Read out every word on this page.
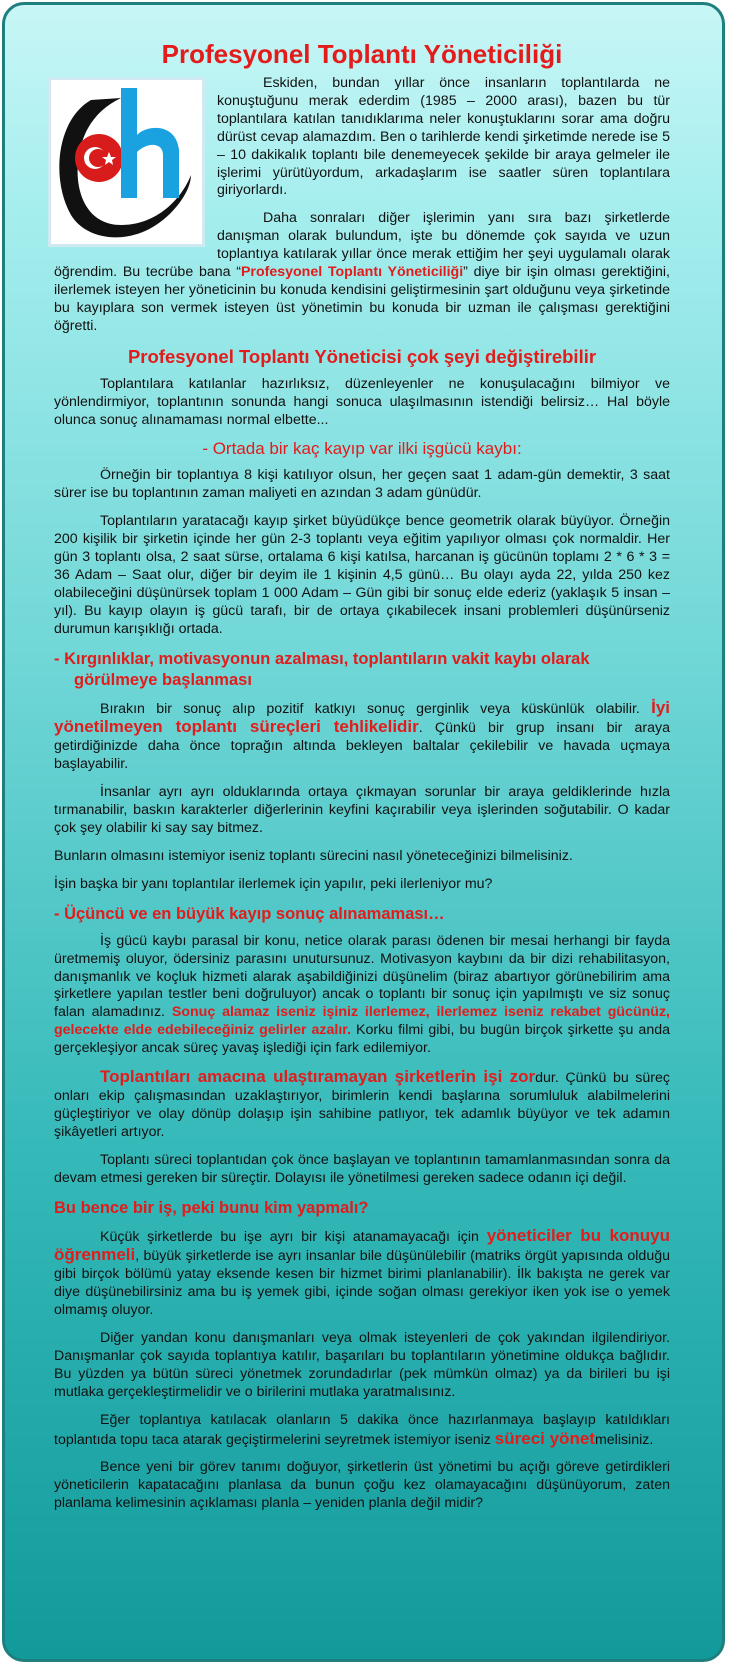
Profesyonel Toplantı Yöneticiliği

Eskiden, bundan yıllar önce insanların toplantılarda ne konuştuğunu merak ederdim (1985 – 2000 arası), bazen bu tür toplantılara katılan tanıdıklarıma neler konuştuklarını sorar ama doğru dürüst cevap alamazdım. Ben o tarihlerde kendi şirketimde nerede ise 5 – 10 dakikalık toplantı bile denemeyecek şekilde bir araya gelmeler ile işlerimi yürütüyordum, arkadaşlarım ise saatler süren toplantılara giriyorlardı.

Daha sonraları diğer işlerimin yanı sıra bazı şirketlerde danışman olarak bulundum, işte bu dönemde çok sayıda ve uzun toplantıya katılarak yıllar önce merak ettiğim her şeyi uygulamalı olarak öğrendim. Bu tecrübe bana “Profesyonel Toplantı Yöneticiliği” diye bir işin olması gerektiğini, ilerlemek isteyen her yöneticinin bu konuda kendisini geliştirmesinin şart olduğunu veya şirketinde bu kayıplara son vermek isteyen üst yönetimin bu konuda bir uzman ile çalışması gerektiğini öğretti.

Profesyonel Toplantı Yöneticisi çok şeyi değiştirebilir

Toplantılara katılanlar hazırlıksız, düzenleyenler ne konuşulacağını bilmiyor ve yönlendirmiyor, toplantının sonunda hangi sonuca ulaşılmasının istendiği belirsiz… Hal böyle olunca sonuç alınamaması normal elbette...

- Ortada bir kaç kayıp var ilki işgücü kaybı:

Örneğin bir toplantıya 8 kişi katılıyor olsun, her geçen saat 1 adam-gün demektir, 3 saat sürer ise bu toplantının zaman maliyeti en azından 3 adam günüdür.

Toplantıların yaratacağı kayıp şirket büyüdükçe bence geometrik olarak büyüyor. Örneğin 200 kişilik bir şirketin içinde her gün 2-3 toplantı veya eğitim yapılıyor olması çok normaldir. Her gün 3 toplantı olsa, 2 saat sürse, ortalama 6 kişi katılsa, harcanan iş gücünün toplamı 2 * 6 * 3 = 36 Adam – Saat olur, diğer bir deyim ile 1 kişinin 4,5 günü… Bu olayı ayda 22, yılda 250 kez olabileceğini düşünürsek toplam 1 000 Adam – Gün gibi bir sonuç elde ederiz (yaklaşık 5 insan – yıl). Bu kayıp olayın iş gücü tarafı, bir de ortaya çıkabilecek insani problemleri düşünürseniz durumun karışıklığı ortada.

- Kırgınlıklar, motivasyonun azalması, toplantıların vakit kaybı olarak görülmeye başlanması

Bırakın bir sonuç alıp pozitif katkıyı sonuç gerginlik veya küskünlük olabilir. İyi yönetilmeyen toplantı süreçleri tehlikelidir. Çünkü bir grup insanı bir araya getirdiğinizde daha önce toprağın altında bekleyen baltalar çekilebilir ve havada uçmaya başlayabilir.

İnsanlar ayrı ayrı olduklarında ortaya çıkmayan sorunlar bir araya geldiklerinde hızla tırmanabilir, baskın karakterler diğerlerinin keyfini kaçırabilir veya işlerinden soğutabilir. O kadar çok şey olabilir ki say say bitmez.

Bunların olmasını istemiyor iseniz toplantı sürecini nasıl yöneteceğinizi bilmelisiniz.

İşin başka bir yanı toplantılar ilerlemek için yapılır, peki ilerleniyor mu?

- Üçüncü ve en büyük kayıp sonuç alınamaması…

İş gücü kaybı parasal bir konu, netice olarak parası ödenen bir mesai herhangi bir fayda üretmemiş oluyor, ödersiniz parasını unutursunuz. Motivasyon kaybını da bir dizi rehabilitasyon, danışmanlık ve koçluk hizmeti alarak aşabildiğinizi düşünelim (biraz abartıyor görünebilirim ama şirketlere yapılan testler beni doğruluyor) ancak o toplantı bir sonuç için yapılmıştı ve siz sonuç falan alamadınız. Sonuç alamaz iseniz işiniz ilerlemez, ilerlemez iseniz rekabet gücünüz, gelecekte elde edebileceğiniz gelirler azalır. Korku filmi gibi, bu bugün birçok şirkette şu anda gerçekleşiyor ancak süreç yavaş işlediği için fark edilemiyor.

Toplantıları amacına ulaştıramayan şirketlerin işi zordur. Çünkü bu süreç onları ekip çalışmasından uzaklaştırıyor, birimlerin kendi başlarına sorumluluk alabilmelerini güçleştiriyor ve olay dönüp dolaşıp işin sahibine patlıyor, tek adamlık büyüyor ve tek adamın şikâyetleri artıyor.

Toplantı süreci toplantıdan çok önce başlayan ve toplantının tamamlanmasından sonra da devam etmesi gereken bir süreçtir. Dolayısı ile yönetilmesi gereken sadece odanın içi değil.

Bu bence bir iş, peki bunu kim yapmalı?

Küçük şirketlerde bu işe ayrı bir kişi atanamayacağı için yöneticiler bu konuyu öğrenmeli, büyük şirketlerde ise ayrı insanlar bile düşünülebilir (matriks örgüt yapısında olduğu gibi birçok bölümü yatay eksende kesen bir hizmet birimi planlanabilir). İlk bakışta ne gerek var diye düşünebilirsiniz ama bu iş yemek gibi, içinde soğan olması gerekiyor iken yok ise o yemek olmamış oluyor.

Diğer yandan konu danışmanları veya olmak isteyenleri de çok yakından ilgilendiriyor. Danışmanlar çok sayıda toplantıya katılır, başarıları bu toplantıların yönetimine oldukça bağlıdır. Bu yüzden ya bütün süreci yönetmek zorundadırlar (pek mümkün olmaz) ya da birileri bu işi mutlaka gerçekleştirmelidir ve o birilerini mutlaka yaratmalısınız.

Eğer toplantıya katılacak olanların 5 dakika önce hazırlanmaya başlayıp katıldıkları toplantıda topu taca atarak geçiştirmelerini seyretmek istemiyor iseniz süreci yönetmelisiniz.

Bence yeni bir görev tanımı doğuyor, şirketlerin üst yönetimi bu açığı göreve getirdikleri yöneticilerin kapatacağını planlasa da bunun çoğu kez olamayacağını düşünüyorum, zaten planlama kelimesinin açıklaması planla – yeniden planla değil midir?
